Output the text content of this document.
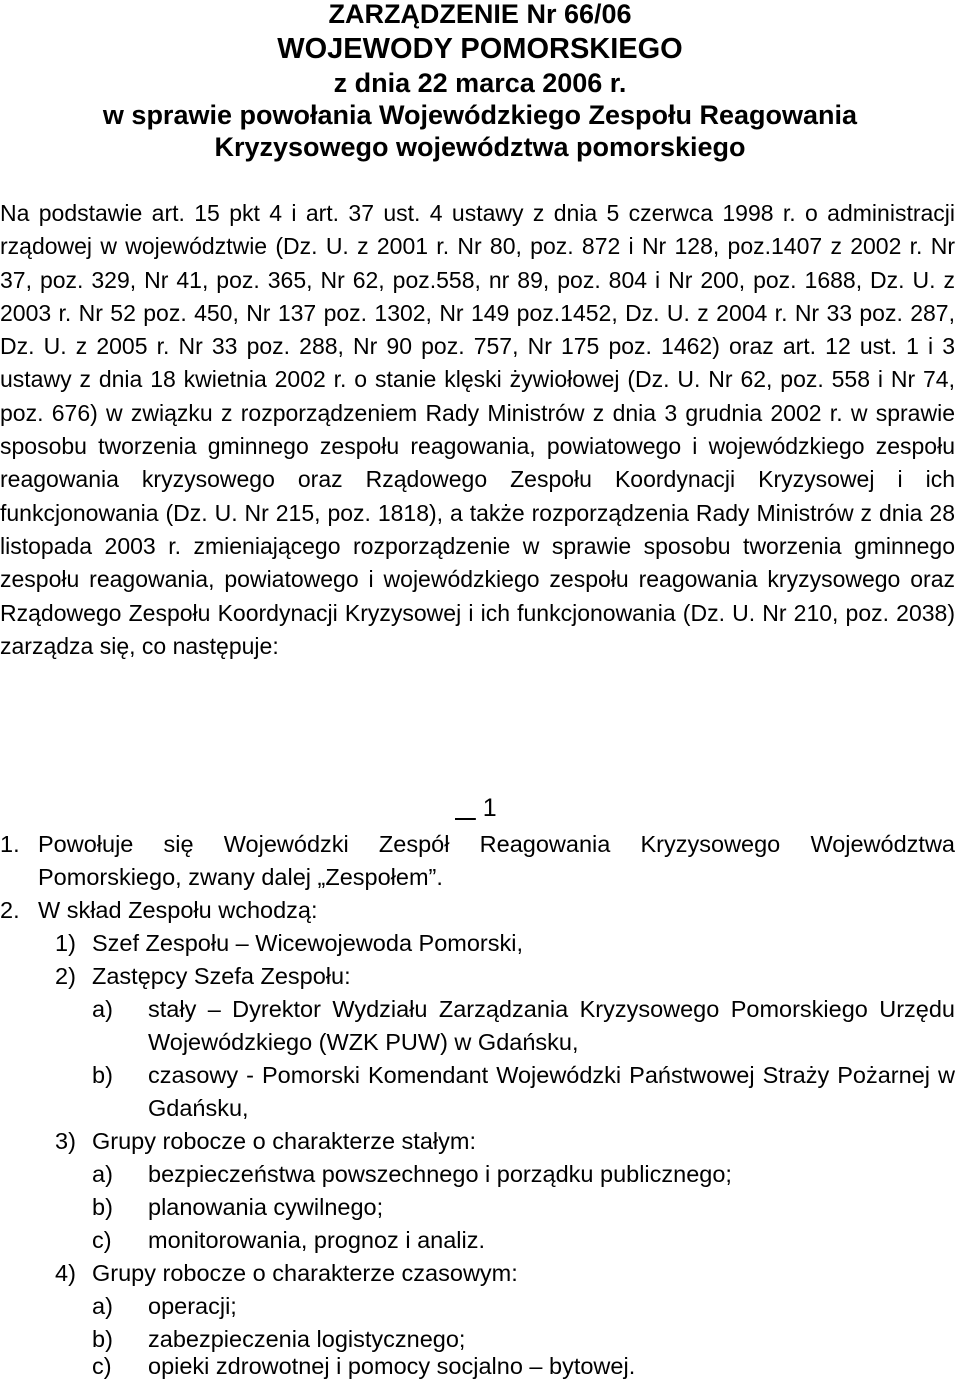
ZARZĄDZENIE Nr 66/06
WOJEWODY POMORSKIEGO
z dnia 22 marca 2006 r.
w sprawie powołania Wojewódzkiego Zespołu Reagowania
Kryzysowego województwa pomorskiego
Na podstawie art. 15 pkt 4 i art. 37 ust. 4 ustawy z dnia 5 czerwca 1998 r. o administracji rządowej w województwie (Dz. U. z 2001 r. Nr 80, poz. 872 i Nr 128, poz.1407 z 2002 r. Nr 37, poz. 329, Nr 41, poz. 365, Nr 62, poz.558, nr 89, poz. 804 i Nr 200, poz. 1688, Dz. U. z 2003 r. Nr 52 poz. 450, Nr 137 poz. 1302, Nr 149 poz.1452, Dz. U. z 2004 r. Nr 33 poz. 287, Dz. U. z 2005 r. Nr 33 poz. 288, Nr 90 poz. 757, Nr 175 poz. 1462) oraz art. 12 ust. 1 i 3 ustawy z dnia 18 kwietnia 2002 r. o stanie klęski żywiołowej (Dz. U. Nr 62, poz. 558 i Nr 74, poz. 676) w związku z rozporządzeniem Rady Ministrów z dnia 3 grudnia 2002 r. w sprawie sposobu tworzenia gminnego zespołu reagowania, powiatowego i wojewódzkiego zespołu reagowania kryzysowego oraz Rządowego Zespołu Koordynacji Kryzysowej i ich funkcjonowania (Dz. U. Nr 215, poz. 1818), a także rozporządzenia Rady Ministrów z dnia 28 listopada 2003 r. zmieniającego rozporządzenie w sprawie sposobu tworzenia gminnego zespołu reagowania, powiatowego i wojewódzkiego zespołu reagowania kryzysowego oraz Rządowego Zespołu Koordynacji Kryzysowej i ich funkcjonowania (Dz. U. Nr 210, poz. 2038) zarządza się, co następuje:
1
1. Powołuje się Wojewódzki Zespół Reagowania Kryzysowego Województwa Pomorskiego, zwany dalej „Zespołem”.
2. W skład Zespołu wchodzą:
1) Szef Zespołu – Wicewojewoda Pomorski,
2) Zastępcy Szefa Zespołu:
a) stały – Dyrektor Wydziału Zarządzania Kryzysowego Pomorskiego Urzędu Wojewódzkiego (WZK PUW) w Gdańsku,
b) czasowy - Pomorski Komendant Wojewódzki Państwowej Straży Pożarnej w Gdańsku,
3) Grupy robocze o charakterze stałym:
a) bezpieczeństwa powszechnego i porządku publicznego;
b) planowania cywilnego;
c) monitorowania, prognoz i analiz.
4) Grupy robocze o charakterze czasowym:
a) operacji;
b) zabezpieczenia logistycznego;
c) opieki zdrowotnej i pomocy socjalno – bytowej.
